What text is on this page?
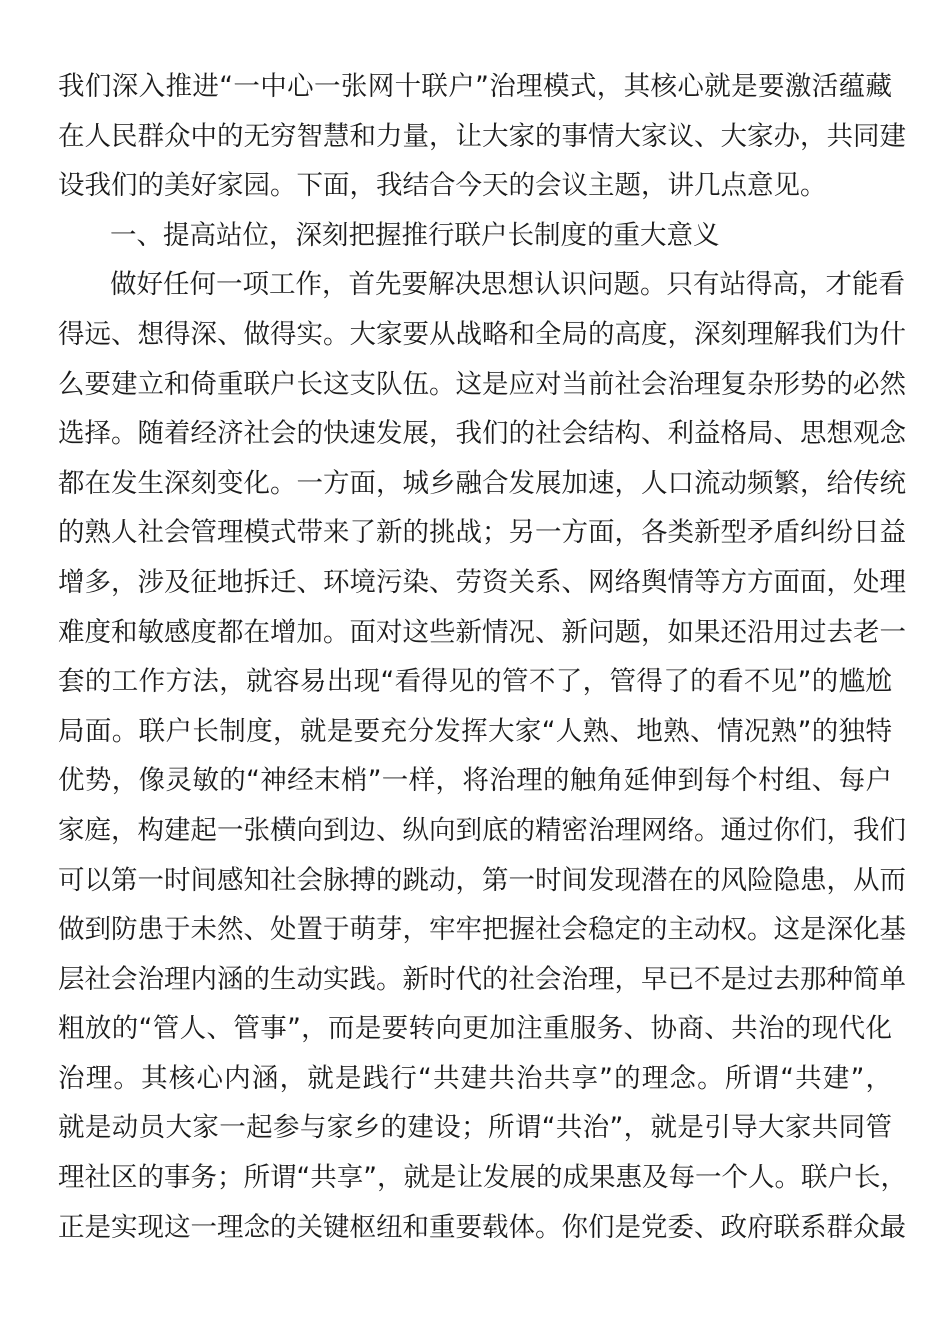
我们深入推进“一中心一张网十联户”治理模式，其核心就是要激活蕴藏
在人民群众中的无穷智慧和力量，让大家的事情大家议、大家办，共同建
设我们的美好家园。下面，我结合今天的会议主题，讲几点意见。
一、提高站位，深刻把握推行联户长制度的重大意义
做好任何一项工作，首先要解决思想认识问题。只有站得高，才能看
得远、想得深、做得实。大家要从战略和全局的高度，深刻理解我们为什
么要建立和倚重联户长这支队伍。这是应对当前社会治理复杂形势的必然
选择。随着经济社会的快速发展，我们的社会结构、利益格局、思想观念
都在发生深刻变化。一方面，城乡融合发展加速，人口流动频繁，给传统
的熟人社会管理模式带来了新的挑战；另一方面，各类新型矛盾纠纷日益
增多，涉及征地拆迁、环境污染、劳资关系、网络舆情等方方面面，处理
难度和敏感度都在增加。面对这些新情况、新问题，如果还沿用过去老一
套的工作方法，就容易出现“看得见的管不了，管得了的看不见”的尴尬
局面。联户长制度，就是要充分发挥大家“人熟、地熟、情况熟”的独特
优势，像灵敏的“神经末梢”一样，将治理的触角延伸到每个村组、每户
家庭，构建起一张横向到边、纵向到底的精密治理网络。通过你们，我们
可以第一时间感知社会脉搏的跳动，第一时间发现潜在的风险隐患，从而
做到防患于未然、处置于萌芽，牢牢把握社会稳定的主动权。这是深化基
层社会治理内涵的生动实践。新时代的社会治理，早已不是过去那种简单
粗放的“管人、管事”，而是要转向更加注重服务、协商、共治的现代化
治理。其核心内涵，就是践行“共建共治共享”的理念。所谓“共建”，
就是动员大家一起参与家乡的建设；所谓“共治”，就是引导大家共同管
理社区的事务；所谓“共享”，就是让发展的成果惠及每一个人。联户长，
正是实现这一理念的关键枢纽和重要载体。你们是党委、政府联系群众最
